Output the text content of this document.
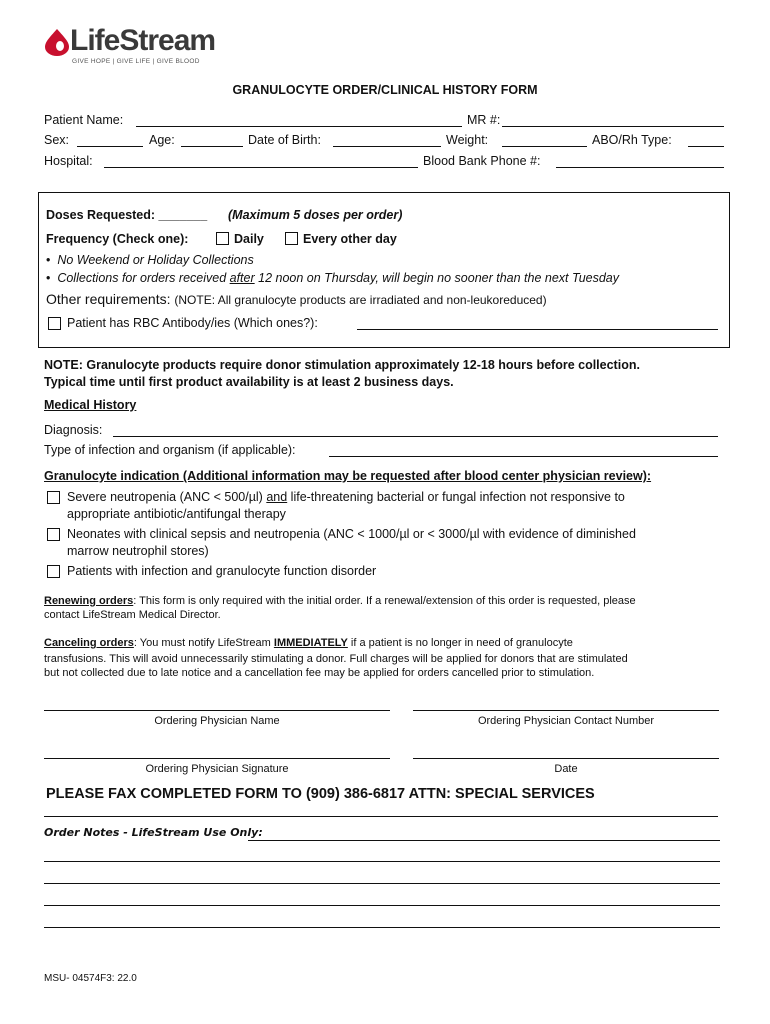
LifeStream
GIVE HOPE | GIVE LIFE | GIVE BLOOD
GRANULOCYTE ORDER/CLINICAL HISTORY FORM
Patient Name:	MR #:
Sex:	Age:	Date of Birth:	Weight:	ABO/Rh Type:
Hospital:	Blood Bank Phone #:
Doses Requested: _______ (Maximum 5 doses per order)
Frequency (Check one):	Daily	Every other day
•  No Weekend or Holiday Collections
•  Collections for orders received after 12 noon on Thursday, will begin no sooner than the next Tuesday
Other requirements: (NOTE: All granulocyte products are irradiated and non-leukoreduced)
Patient has RBC Antibody/ies (Which ones?):
NOTE: Granulocyte products require donor stimulation approximately 12-18 hours before collection.
Typical time until first product availability is at least 2 business days.
Medical History
Diagnosis:
Type of infection and organism (if applicable):
Granulocyte indication (Additional information may be requested after blood center physician review):
Severe neutropenia (ANC < 500/µl) and life-threatening bacterial or fungal infection not responsive to
appropriate antibiotic/antifungal therapy
Neonates with clinical sepsis and neutropenia (ANC < 1000/µl or < 3000/µl with evidence of diminished
marrow neutrophil stores)
Patients with infection and granulocyte function disorder
Renewing orders: This form is only required with the initial order. If a renewal/extension of this order is requested, please
contact LifeStream Medical Director.
Canceling orders: You must notify LifeStream IMMEDIATELY if a patient is no longer in need of granulocyte
transfusions. This will avoid unnecessarily stimulating a donor. Full charges will be applied for donors that are stimulated
but not collected due to late notice and a cancellation fee may be applied for orders cancelled prior to stimulation.
Ordering Physician Name	Ordering Physician Contact Number
Ordering Physician Signature	Date
PLEASE FAX COMPLETED FORM TO (909) 386-6817 ATTN: SPECIAL SERVICES
Order Notes - LifeStream Use Only:
MSU- 04574F3: 22.0
